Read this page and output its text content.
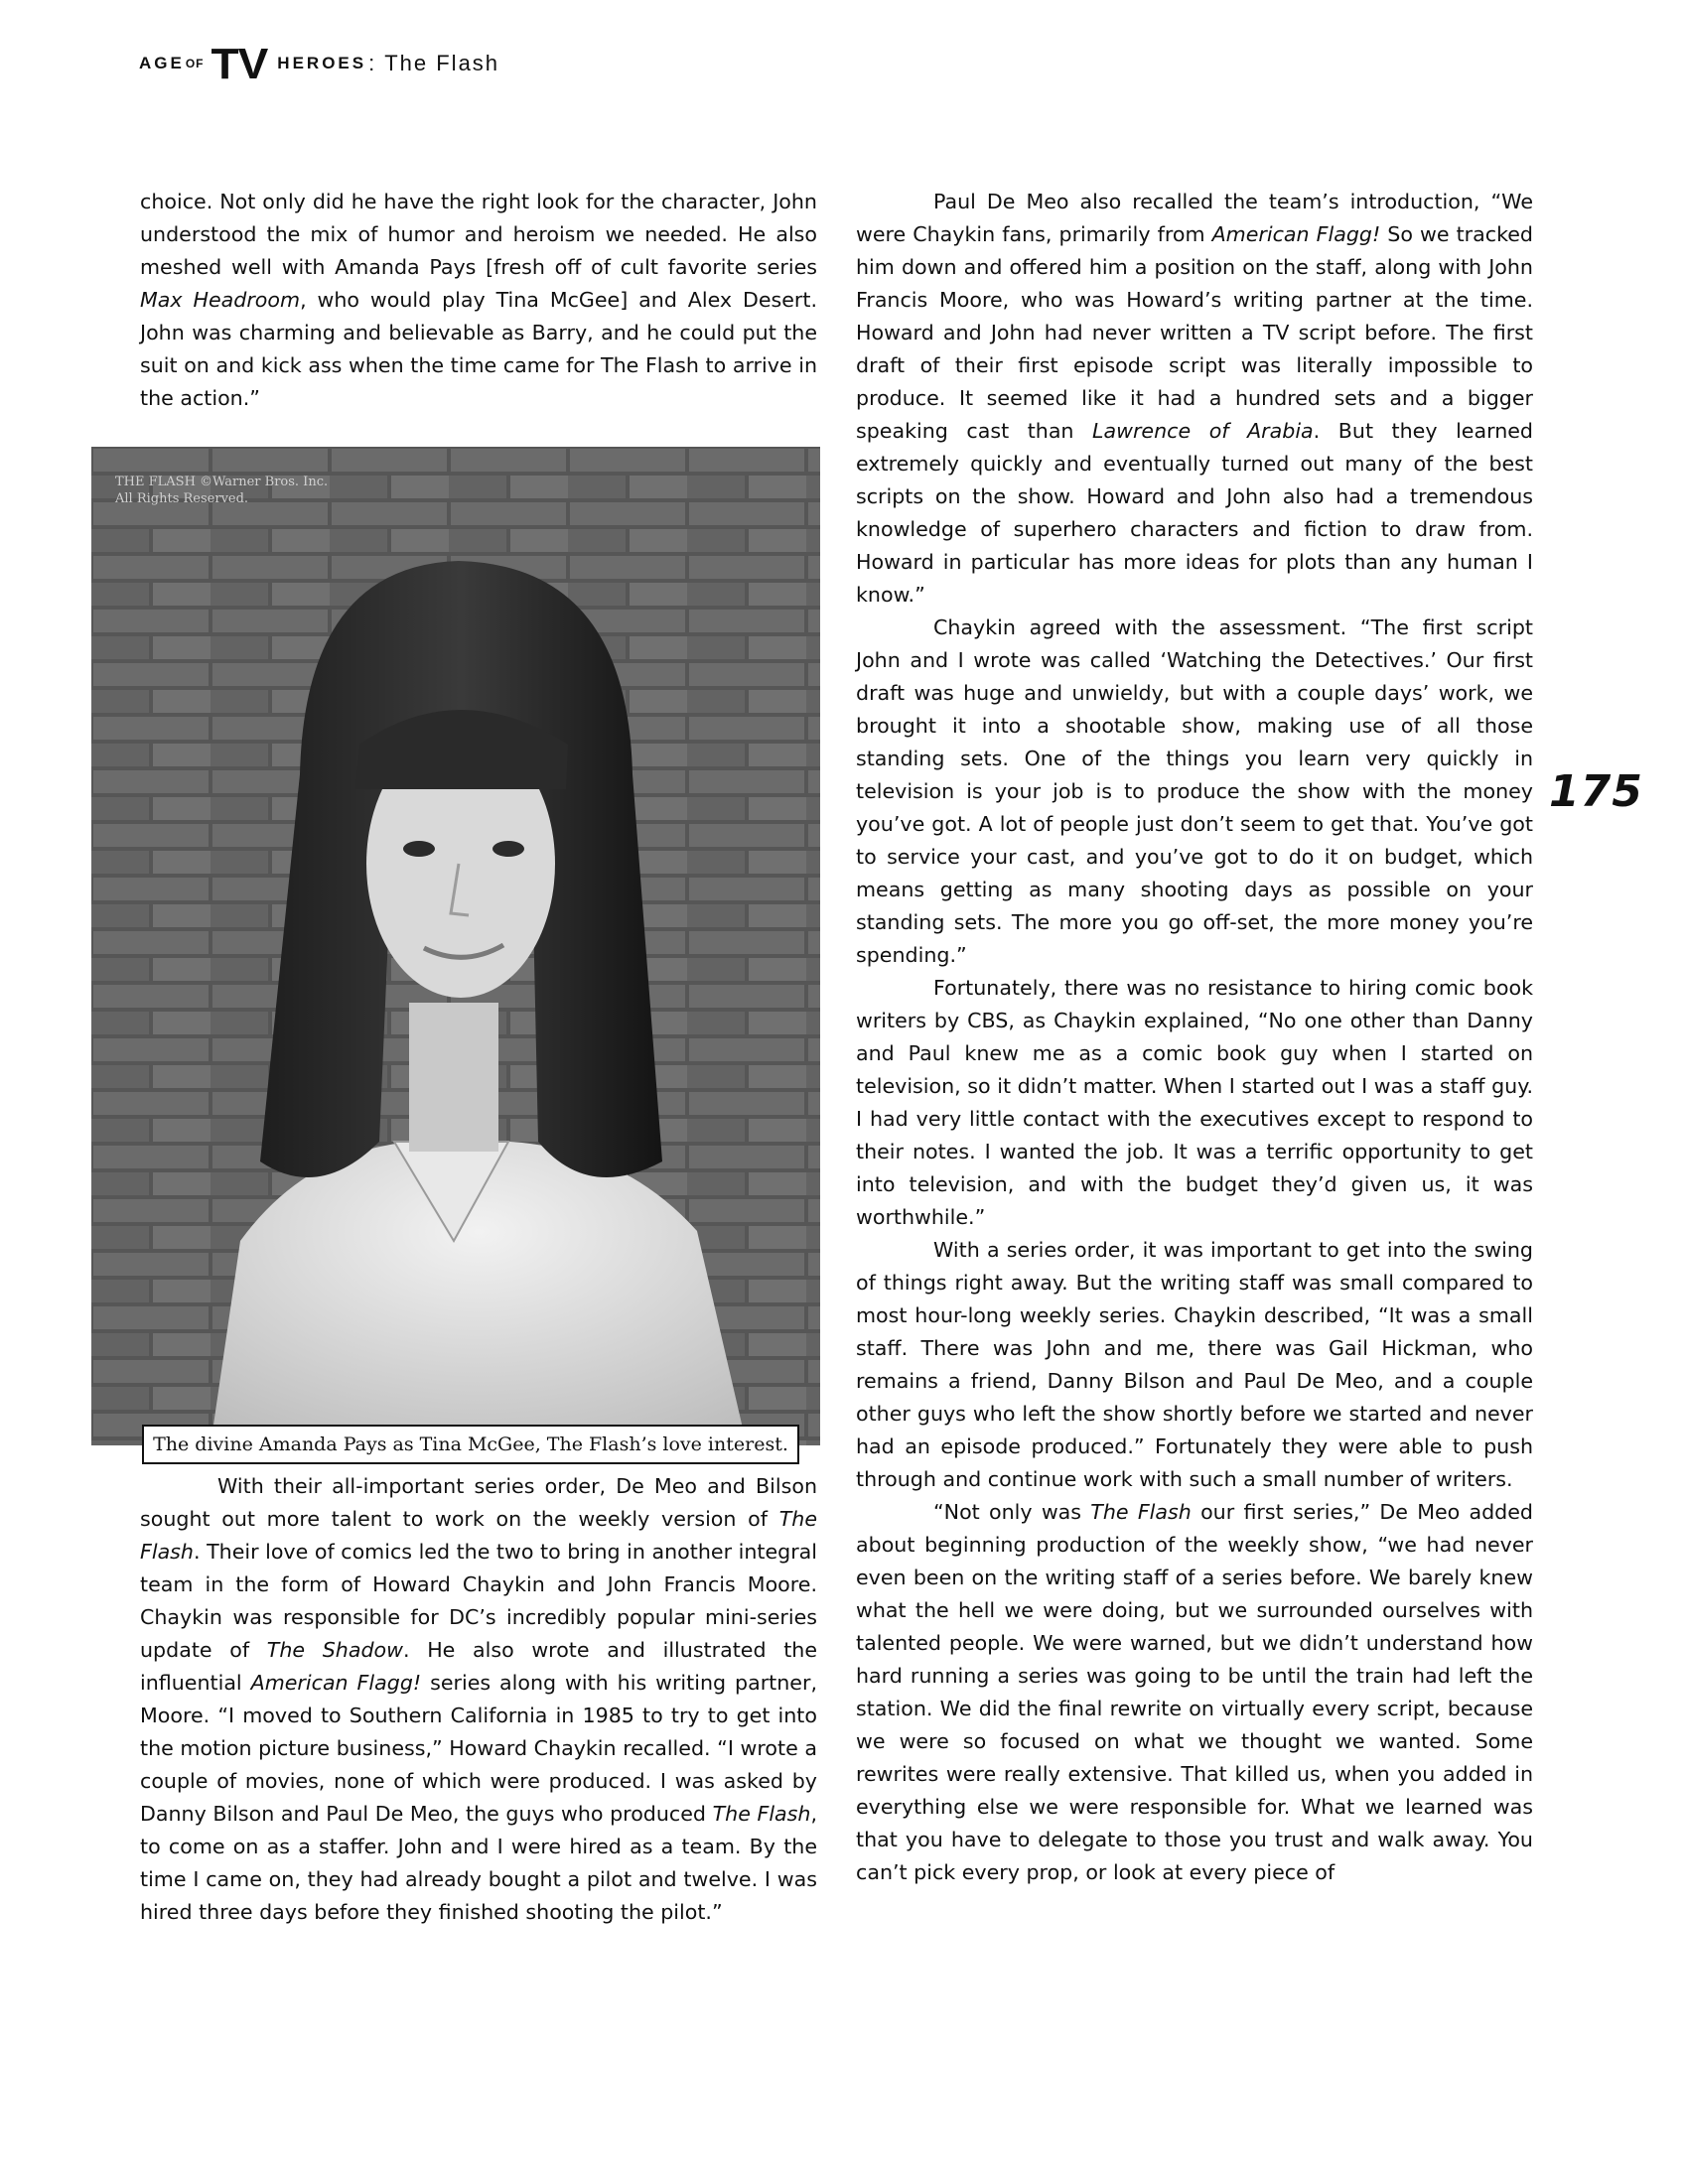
AGE OF TV HEROES : The Flash

choice. Not only did he have the right look for the character, John understood the mix of humor and heroism we needed. He also meshed well with Amanda Pays [fresh off of cult favorite series Max Headroom, who would play Tina McGee] and Alex Desert. John was charming and believable as Barry, and he could put the suit on and kick ass when the time came for The Flash to arrive in the action.”

THE FLASH ©Warner Bros. Inc.
All Rights Reserved.
The divine Amanda Pays as Tina McGee, The Flash’s love interest.

With their all-important series order, De Meo and Bilson sought out more talent to work on the weekly version of The Flash. Their love of comics led the two to bring in another integral team in the form of Howard Chaykin and John Francis Moore. Chaykin was responsible for DC’s incredibly popular mini-series update of The Shadow. He also wrote and illustrated the influential American Flagg! series along with his writing partner, Moore. “I moved to Southern California in 1985 to try to get into the motion picture business,” Howard Chaykin recalled. “I wrote a couple of movies, none of which were produced. I was asked by Danny Bilson and Paul De Meo, the guys who produced The Flash, to come on as a staffer. John and I were hired as a team. By the time I came on, they had already bought a pilot and twelve. I was hired three days before they finished shooting the pilot.”

Paul De Meo also recalled the team’s introduction, “We were Chaykin fans, primarily from American Flagg! So we tracked him down and offered him a position on the staff, along with John Francis Moore, who was Howard’s writing partner at the time. Howard and John had never written a TV script before. The first draft of their first episode script was literally impossible to produce. It seemed like it had a hundred sets and a bigger speaking cast than Lawrence of Arabia. But they learned extremely quickly and eventually turned out many of the best scripts on the show. Howard and John also had a tremendous knowledge of superhero characters and fiction to draw from. Howard in particular has more ideas for plots than any human I know.”

Chaykin agreed with the assessment. “The first script John and I wrote was called ‘Watching the Detectives.’ Our first draft was huge and unwieldy, but with a couple days’ work, we brought it into a shootable show, making use of all those standing sets. One of the things you learn very quickly in television is your job is to produce the show with the money you’ve got. A lot of people just don’t seem to get that. You’ve got to service your cast, and you’ve got to do it on budget, which means getting as many shooting days as possible on your standing sets. The more you go off-set, the more money you’re spending.”

Fortunately, there was no resistance to hiring comic book writers by CBS, as Chaykin explained, “No one other than Danny and Paul knew me as a comic book guy when I started on television, so it didn’t matter. When I started out I was a staff guy. I had very little contact with the executives except to respond to their notes. I wanted the job. It was a terrific opportunity to get into television, and with the budget they’d given us, it was worthwhile.”

With a series order, it was important to get into the swing of things right away. But the writing staff was small compared to most hour-long weekly series. Chaykin described, “It was a small staff. There was John and me, there was Gail Hickman, who remains a friend, Danny Bilson and Paul De Meo, and a couple other guys who left the show shortly before we started and never had an episode produced.” Fortunately they were able to push through and continue work with such a small number of writers.

“Not only was The Flash our first series,” De Meo added about beginning production of the weekly show, “we had never even been on the writing staff of a series before. We barely knew what the hell we were doing, but we surrounded ourselves with talented people. We were warned, but we didn’t understand how hard running a series was going to be until the train had left the station. We did the final rewrite on virtually every script, because we were so focused on what we thought we wanted. Some rewrites were really extensive. That killed us, when you added in everything else we were responsible for. What we learned was that you have to delegate to those you trust and walk away. You can’t pick every prop, or look at every piece of

175
